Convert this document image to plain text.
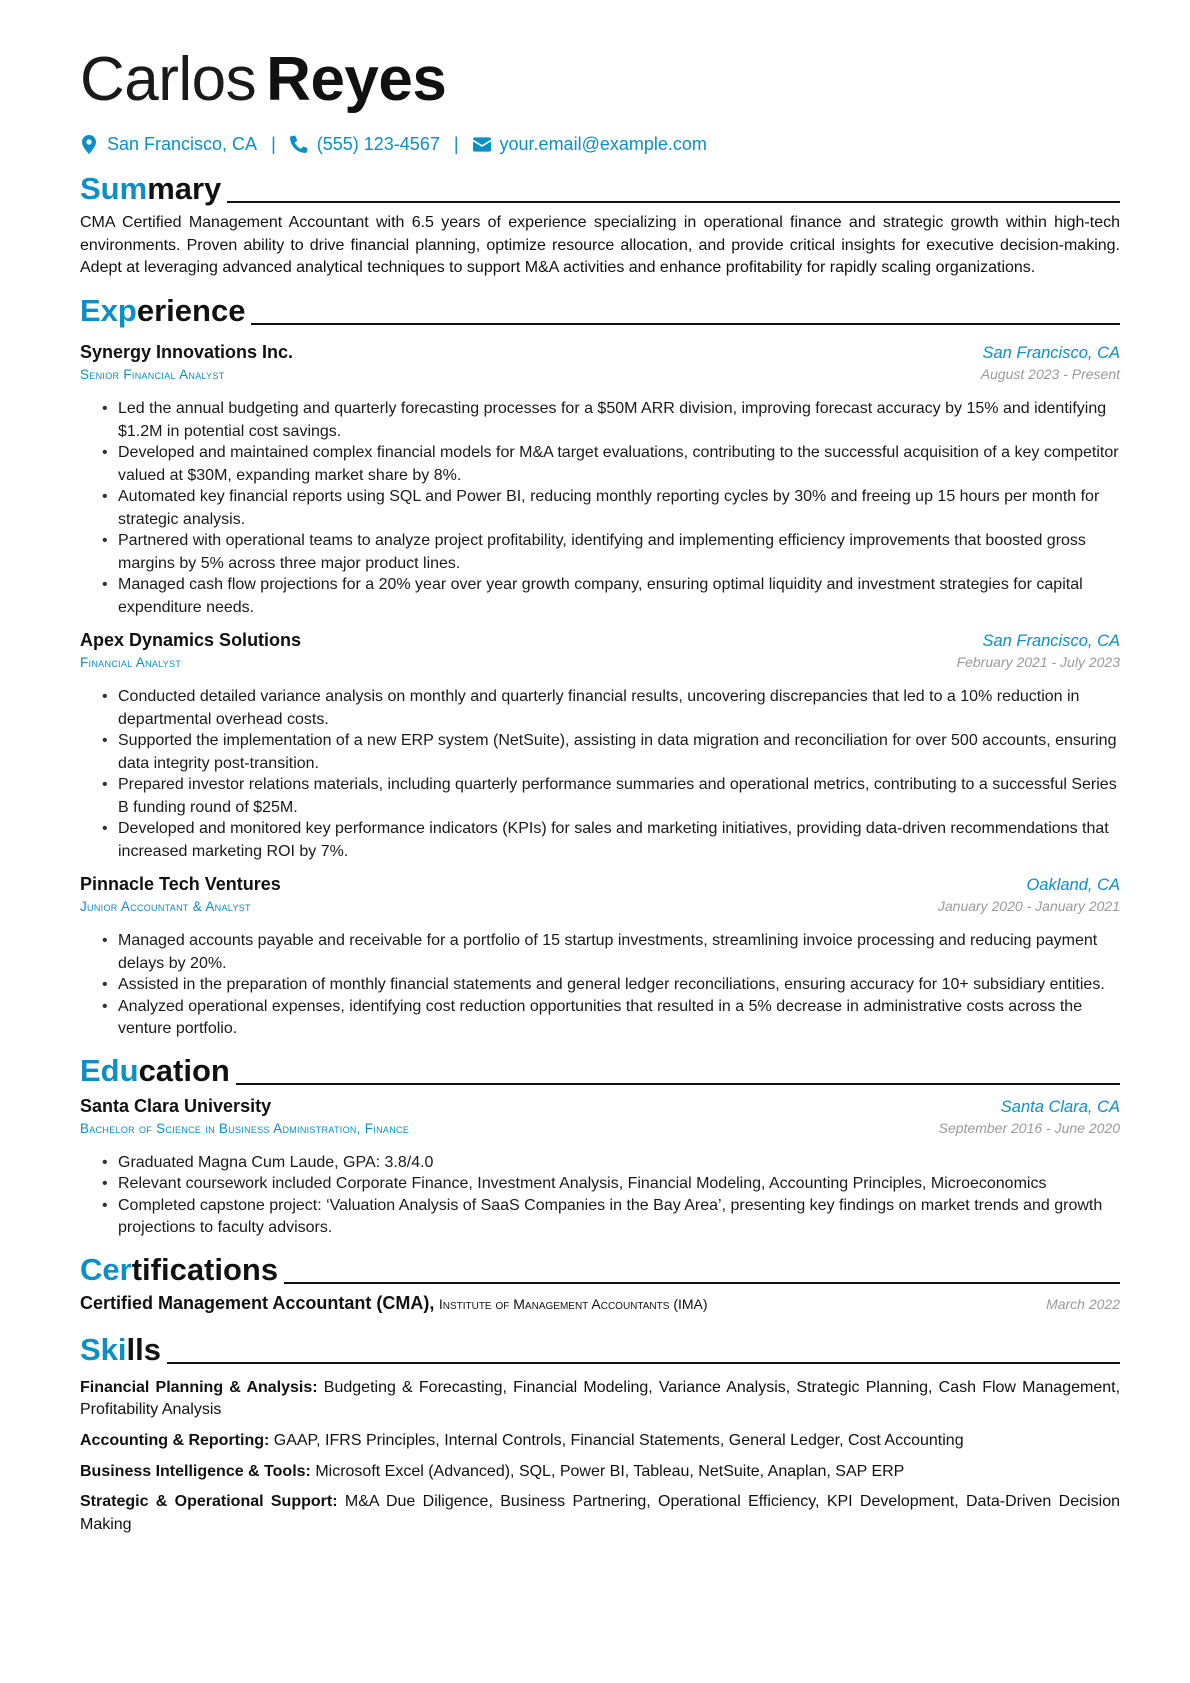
Carlos Reyes
San Francisco, CA | (555) 123-4567 | your.email@example.com
Summary
CMA Certified Management Accountant with 6.5 years of experience specializing in operational finance and strategic growth within high-tech environments. Proven ability to drive financial planning, optimize resource allocation, and provide critical insights for executive decision-making. Adept at leveraging advanced analytical techniques to support M&A activities and enhance profitability for rapidly scaling organizations.
Experience
Synergy Innovations Inc.	San Francisco, CA
Senior Financial Analyst	August 2023 - Present
• Led the annual budgeting and quarterly forecasting processes for a $50M ARR division, improving forecast accuracy by 15% and identifying $1.2M in potential cost savings.
• Developed and maintained complex financial models for M&A target evaluations, contributing to the successful acquisition of a key competitor valued at $30M, expanding market share by 8%.
• Automated key financial reports using SQL and Power BI, reducing monthly reporting cycles by 30% and freeing up 15 hours per month for strategic analysis.
• Partnered with operational teams to analyze project profitability, identifying and implementing efficiency improvements that boosted gross margins by 5% across three major product lines.
• Managed cash flow projections for a 20% year over year growth company, ensuring optimal liquidity and investment strategies for capital expenditure needs.
Apex Dynamics Solutions	San Francisco, CA
Financial Analyst	February 2021 - July 2023
• Conducted detailed variance analysis on monthly and quarterly financial results, uncovering discrepancies that led to a 10% reduction in departmental overhead costs.
• Supported the implementation of a new ERP system (NetSuite), assisting in data migration and reconciliation for over 500 accounts, ensuring data integrity post-transition.
• Prepared investor relations materials, including quarterly performance summaries and operational metrics, contributing to a successful Series B funding round of $25M.
• Developed and monitored key performance indicators (KPIs) for sales and marketing initiatives, providing data-driven recommendations that increased marketing ROI by 7%.
Pinnacle Tech Ventures	Oakland, CA
Junior Accountant & Analyst	January 2020 - January 2021
• Managed accounts payable and receivable for a portfolio of 15 startup investments, streamlining invoice processing and reducing payment delays by 20%.
• Assisted in the preparation of monthly financial statements and general ledger reconciliations, ensuring accuracy for 10+ subsidiary entities.
• Analyzed operational expenses, identifying cost reduction opportunities that resulted in a 5% decrease in administrative costs across the venture portfolio.
Education
Santa Clara University	Santa Clara, CA
Bachelor of Science in Business Administration, Finance	September 2016 - June 2020
• Graduated Magna Cum Laude, GPA: 3.8/4.0
• Relevant coursework included Corporate Finance, Investment Analysis, Financial Modeling, Accounting Principles, Microeconomics
• Completed capstone project: ‘Valuation Analysis of SaaS Companies in the Bay Area’, presenting key findings on market trends and growth projections to faculty advisors.
Certifications
Certified Management Accountant (CMA), Institute of Management Accountants (IMA)	March 2022
Skills
Financial Planning & Analysis: Budgeting & Forecasting, Financial Modeling, Variance Analysis, Strategic Planning, Cash Flow Management, Profitability Analysis
Accounting & Reporting: GAAP, IFRS Principles, Internal Controls, Financial Statements, General Ledger, Cost Accounting
Business Intelligence & Tools: Microsoft Excel (Advanced), SQL, Power BI, Tableau, NetSuite, Anaplan, SAP ERP
Strategic & Operational Support: M&A Due Diligence, Business Partnering, Operational Efficiency, KPI Development, Data-Driven Decision Making
